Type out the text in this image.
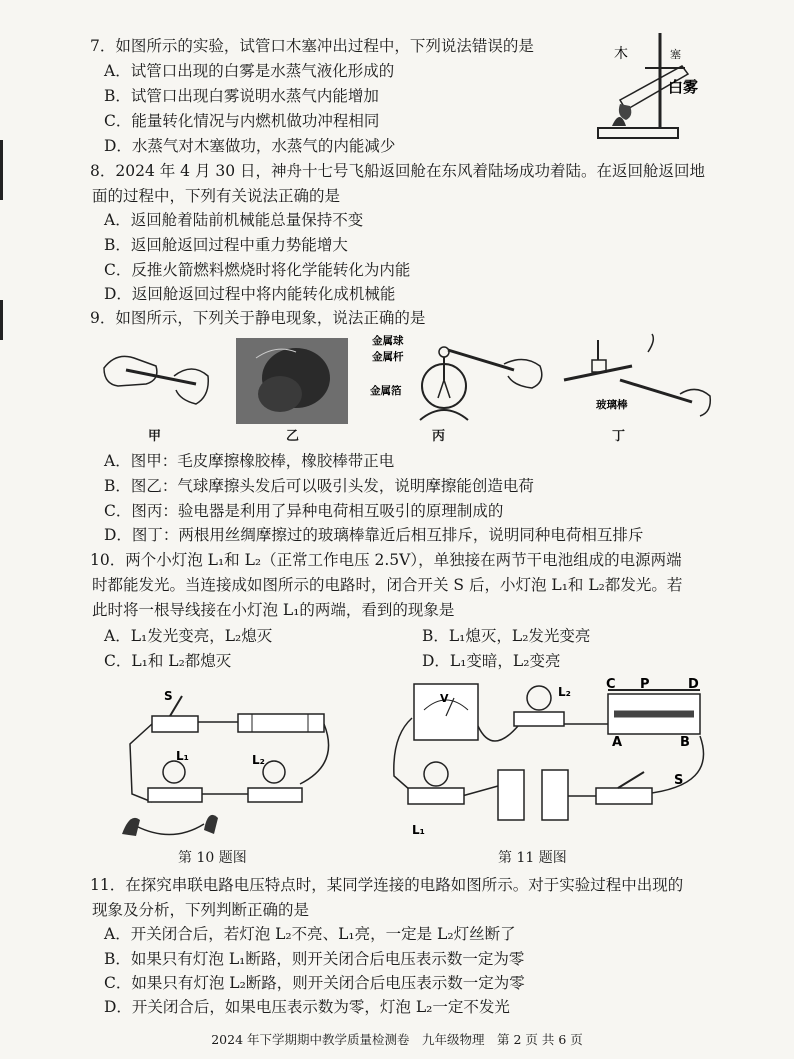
7．如图所示的实验，试管口木塞冲出过程中，下列说法错误的是
A．试管口出现的白雾是水蒸气液化形成的
B．试管口出现白雾说明水蒸气内能增加
C．能量转化情况与内燃机做功冲程相同
D．水蒸气对木塞做功，水蒸气的内能减少
木	塞
白雾
8．2024 年 4 月 30 日，神舟十七号飞船返回舱在东风着陆场成功着陆。在返回舱返回地
面的过程中，下列有关说法正确的是
A．返回舱着陆前机械能总量保持不变
B．返回舱返回过程中重力势能增大
C．反推火箭燃料燃烧时将化学能转化为内能
D．返回舱返回过程中将内能转化成机械能
9．如图所示，下列关于静电现象，说法正确的是
甲	乙
金属球
金属杆
金属箔
丙
玻璃棒
丁
A．图甲：毛皮摩擦橡胶棒，橡胶棒带正电
B．图乙：气球摩擦头发后可以吸引头发，说明摩擦能创造电荷
C．图丙：验电器是利用了异种电荷相互吸引的原理制成的
D．图丁：两根用丝绸摩擦过的玻璃棒靠近后相互排斥，说明同种电荷相互排斥
10．两个小灯泡 L₁和 L₂（正常工作电压 2.5V），单独接在两节干电池组成的电源两端
时都能发光。当连接成如图所示的电路时，闭合开关 S 后，小灯泡 L₁和 L₂都发光。若
此时将一根导线接在小灯泡 L₁的两端，看到的现象是
A．L₁发光变亮，L₂熄灭	B．L₁熄灭，L₂发光变亮
C．L₁和 L₂都熄灭	D．L₁变暗，L₂变亮
S
L₁	L₂
第 10 题图
V	L₂	C P	D
A	B
S
L₁
第 11 题图
11．在探究串联电路电压特点时，某同学连接的电路如图所示。对于实验过程中出现的
现象及分析，下列判断正确的是
A．开关闭合后，若灯泡 L₂不亮、L₁亮，一定是 L₂灯丝断了
B．如果只有灯泡 L₁断路，则开关闭合后电压表示数一定为零
C．如果只有灯泡 L₂断路，则开关闭合后电压表示数一定为零
D．开关闭合后，如果电压表示数为零，灯泡 L₂一定不发光
2024 年下学期期中教学质量检测卷　九年级物理　第 2 页 共 6 页
